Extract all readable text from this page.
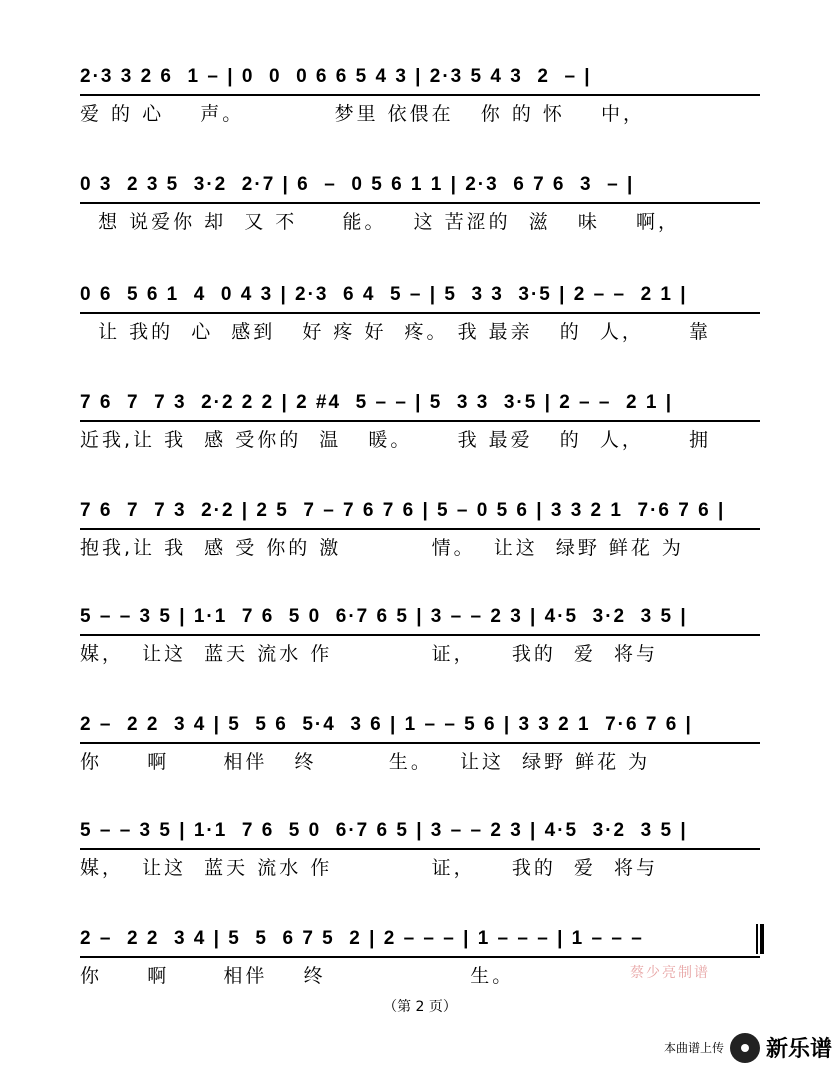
2·3 3 2 6  1 – | 0  0  0 6 6 5 4 3 | 2·3 5 4 3  2  – |
爱 的 心    声。          梦里 依偎在   你 的 怀    中，
0 3  2 3 5  3·2  2·7 | 6  –  0 5 6 1 1 | 2·3  6 7 6  3  – |
想 说爱你 却  又 不     能。   这 苦涩的  滋   味    啊，
0 6  5 6 1  4  0 4 3 | 2·3  6 4  5 – | 5  3 3  3·5 | 2 – –  2 1 |
让 我的  心  感到   好 疼 好  疼。 我 最亲   的  人，     靠
7 6  7  7 3  2·2 2 2 | 2 #4  5 – – | 5  3 3  3·5 | 2 – –  2 1 |
近我,让 我  感 受你的  温   暖。     我 最爱   的  人，     拥
7 6  7  7 3  2·2 | 2 5  7 – 7 6 7 6 | 5 – 0 5 6 | 3 3 2 1  7·6 7 6 |
抱我,让 我  感 受 你的 激          情。  让这  绿野 鲜花 为
5 – – 3 5 | 1·1  7 6  5 0  6·7 6 5 | 3 – – 2 3 | 4·5  3·2  3 5 |
媒，  让这  蓝天 流水 作           证，    我的  爱  将与
2 –  2 2  3 4 | 5  5 6  5·4  3 6 | 1 – – 5 6 | 3 3 2 1  7·6 7 6 |
你     啊      相伴   终        生。   让这  绿野 鲜花 为
5 – – 3 5 | 1·1  7 6  5 0  6·7 6 5 | 3 – – 2 3 | 4·5  3·2  3 5 |
媒，  让这  蓝天 流水 作           证，    我的  爱  将与
2 –  2 2  3 4 | 5  5  6 7 5  2 | 2 – – – | 1 – – – | 1 – – –
你     啊      相伴    终                生。	蔡少亮制谱
（第 2 页）
本曲谱上传 新乐谱
